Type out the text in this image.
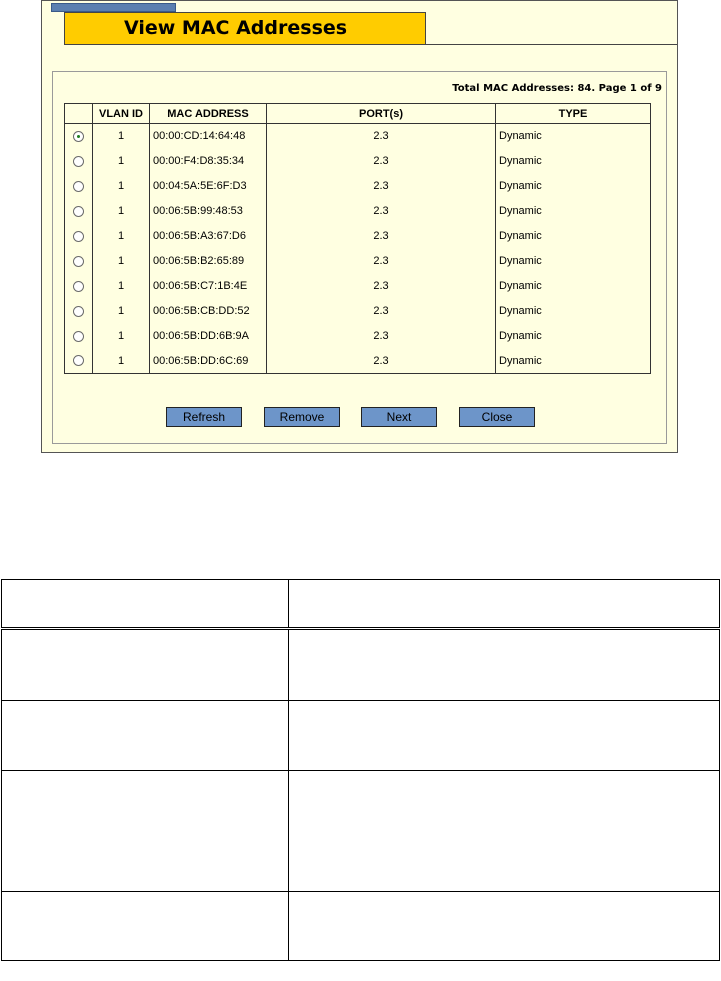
View MAC Addresses
Total MAC Addresses: 84. Page 1 of 9
	VLAN ID	MAC ADDRESS	PORT(s)	TYPE
	1	00:00:CD:14:64:48	2.3	Dynamic
	1	00:00:F4:D8:35:34	2.3	Dynamic
	1	00:04:5A:5E:6F:D3	2.3	Dynamic
	1	00:06:5B:99:48:53	2.3	Dynamic
	1	00:06:5B:A3:67:D6	2.3	Dynamic
	1	00:06:5B:B2:65:89	2.3	Dynamic
	1	00:06:5B:C7:1B:4E	2.3	Dynamic
	1	00:06:5B:CB:DD:52	2.3	Dynamic
	1	00:06:5B:DD:6B:9A	2.3	Dynamic
	1	00:06:5B:DD:6C:69	2.3	Dynamic
Refresh	Remove	Next	Close
